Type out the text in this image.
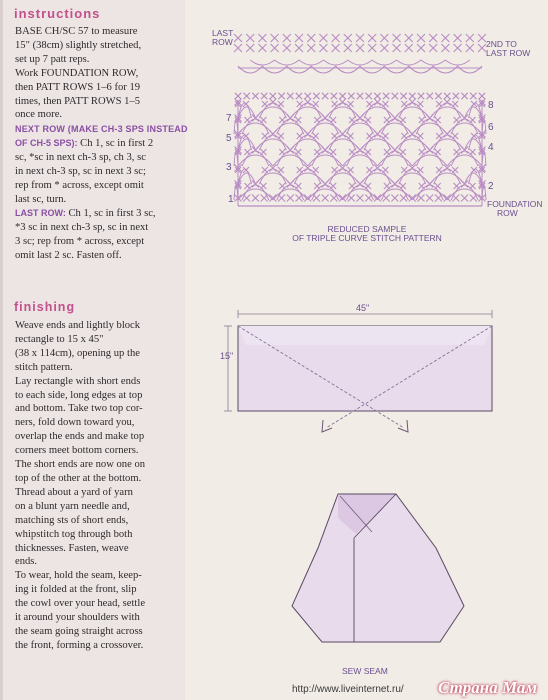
instructions
BASE CH/SC 57 to measure
15" (38cm) slightly stretched,
set up 7 patt reps.
Work FOUNDATION ROW,
then PATT ROWS 1–6 for 19
times, then PATT ROWS 1–5
once more.
NEXT ROW (MAKE CH-3 SPS INSTEAD
OF CH-5 SPS): Ch 1, sc in first 2
sc, *sc in next ch-3 sp, ch 3, sc
in next ch-3 sp, sc in next 3 sc;
rep from * across, except omit
last sc, turn.
LAST ROW: Ch 1, sc in first 3 sc,
*3 sc in next ch-3 sp, sc in next
3 sc; rep from * across, except
omit last 2 sc. Fasten off.
finishing
Weave ends and lightly block
rectangle to 15 x 45"
(38 x 114cm), opening up the
stitch pattern.
Lay rectangle with short ends
to each side, long edges at top
and bottom. Take two top cor-
ners, fold down toward you,
overlap the ends and make top
corners meet bottom corners.
The short ends are now one on
top of the other at the bottom.
Thread about a yard of yarn
on a blunt yarn needle and,
matching sts of short ends,
whipstitch tog through both
thicknesses. Fasten, weave
ends.
To wear, hold the seam, keep-
ing it folded at the front, slip
the cowl over your head, settle
it around your shoulders with
the seam going straight across
the front, forming a crossover.
LAST
ROW	2ND TO
LAST ROW
7
5
3
1
8
6
4
2
FOUNDATION
ROW
REDUCED SAMPLE
OF TRIPLE CURVE STITCH PATTERN
45"
15"
SEW SEAM
http://www.liveinternet.ru/ Страна Мам
